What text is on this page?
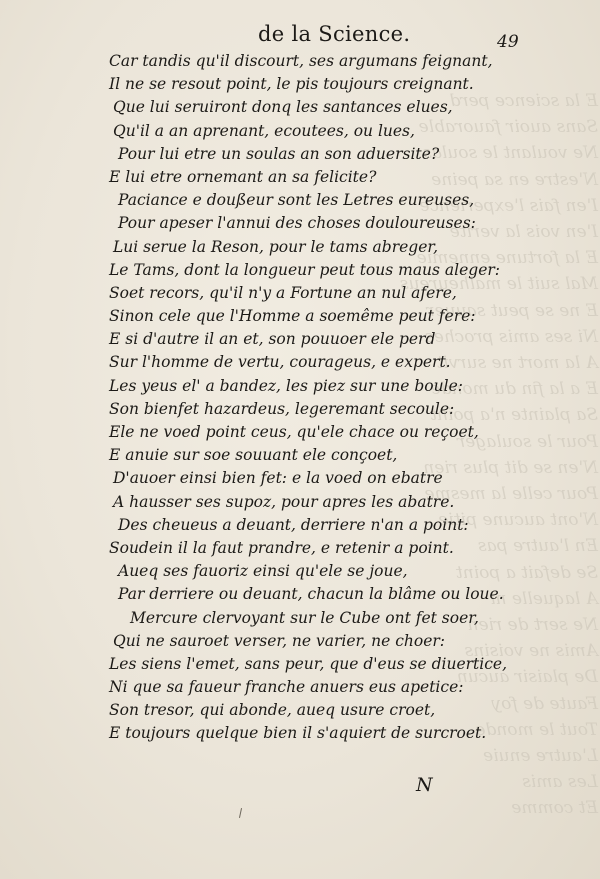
E la science perd
Sans auoir fauorable
Ne voulant le soulas
N'estre en sa peine
I'en fais l'experience
I'en vois la verite
E la fortune ennemie
Mal suit le malheureus
E ne se peut sauuer
Ni ses amis proches
A la mort ne survit
E a la fin du monde
Sa plainte n'a point
Pour le soulager
N'en se dit plus rien
Pour celle la mesme
N'ont aucune pitie
En l'autre pas
Se defait a point
A laquelle ni
Ne sert de rien
Amis ne voisins
De plaisir aucun
Faute de foy
Tout le monde
L'autre enuie
Les amis
Et comme
de la Science.	49
Car tandis qu'il discourt, ses argumans feignant,
Il ne se resout point, le pis toujours creignant.
Que lui seruiront donq les santances elues,
Qu'il a an aprenant, ecoutees, ou lues,
Pour lui etre un soulas an son aduersite?
E lui etre ornemant an sa felicite?
Paciance e doußeur sont les Letres eureuses,
Pour apeser l'annui des choses douloureuses:
Lui serue la Reson, pour le tams abreger,
Le Tams, dont la longueur peut tous maus aleger:
Soet recors, qu'il n'y a Fortune an nul afere,
Sinon cele que l'Homme a soemême peut fere:
E si d'autre il an et, son pouuoer ele perd
Sur l'homme de vertu, courageus, e expert.
Les yeus el' a bandez, les piez sur une boule:
Son bienfet hazardeus, legeremant secoule:
Ele ne voed point ceus, qu'ele chace ou reçoet,
E anuie sur soe souuant ele conçoet,
D'auoer einsi bien fet: e la voed on ebatre
A hausser ses supoz, pour apres les abatre.
Des cheueus a deuant, derriere n'an a point:
Soudein il la faut prandre, e retenir a point.
Aueq ses fauoriz einsi qu'ele se joue,
Par derriere ou deuant, chacun la blâme ou loue.
Mercure clervoyant sur le Cube ont fet soer,
Qui ne sauroet verser, ne varier, ne choer:
Les siens l'emet, sans peur, que d'eus se diuertice,
Ni que sa faueur franche anuers eus apetice:
Son tresor, qui abonde, aueq usure croet,
E toujours quelque bien il s'aquiert de surcroet.
N
